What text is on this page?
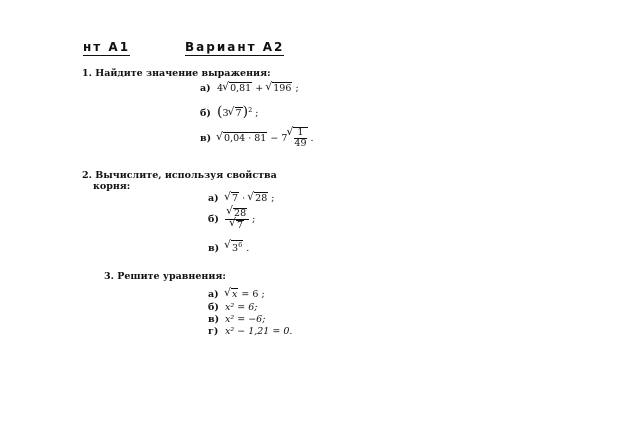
нт А1	Вариант А2
1. Найдите значение выражения:
а) 4 √ 0,81 + √ 196 ;
б) (3 √ 7)$^2$ ;
в) √ 0,04 · 81 − 7 √ $\frac{1}{49}$ .
2. Вычислите, используя свойства
корня:
а) √ 7 · √ 28 ;
б) √ 28
√ 7 ;
в) √ $3^6$ .
3. Решите уравнения:
а) √ x = 6 ;
б) x² = 6;
в) x² = −6;
г) x² − 1,21 = 0.
